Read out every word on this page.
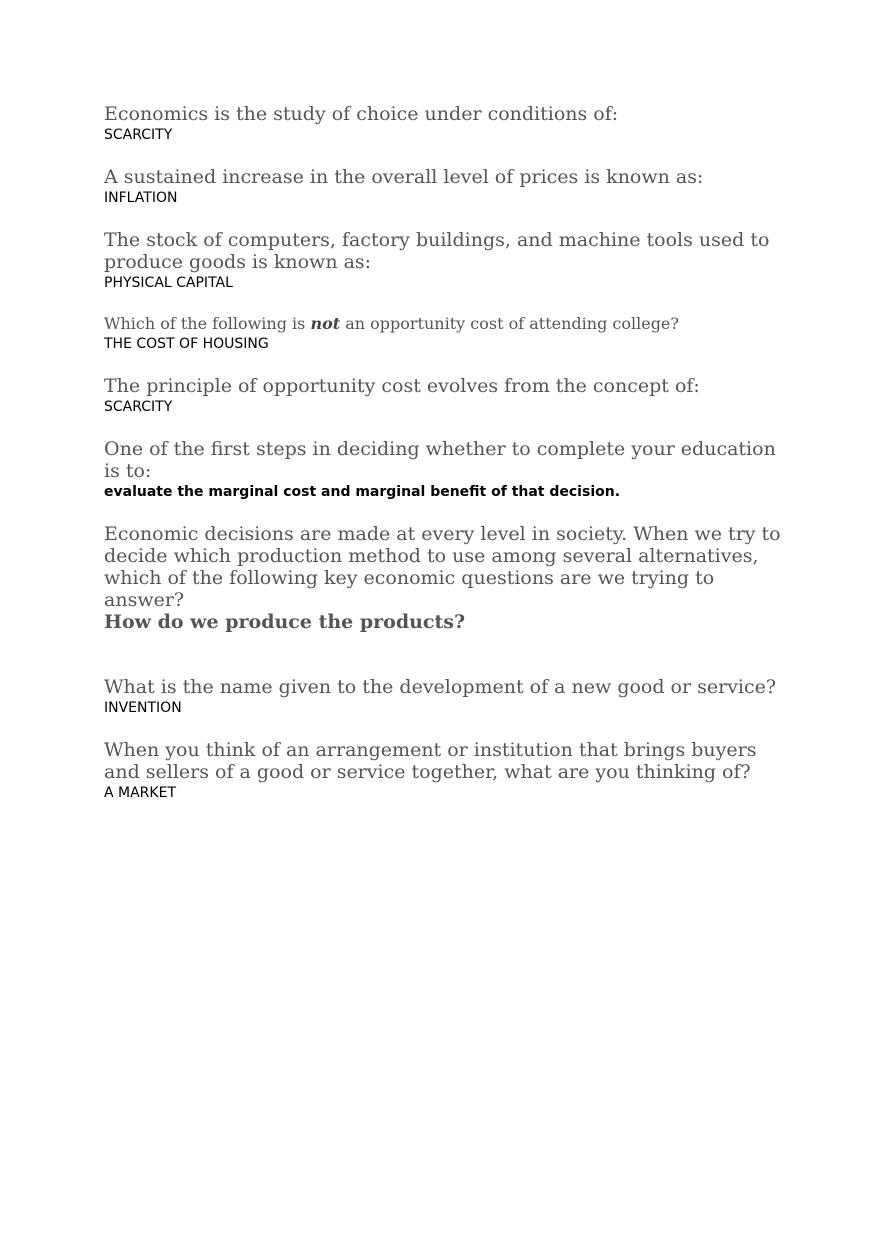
Economics is the study of choice under conditions of:

SCARCITY

A sustained increase in the overall level of prices is known as:

INFLATION

The stock of computers, factory buildings, and machine tools used to produce goods is known as:

PHYSICAL CAPITAL

Which of the following is not an opportunity cost of attending college?

THE COST OF HOUSING

The principle of opportunity cost evolves from the concept of:

SCARCITY

One of the first steps in deciding whether to complete your education is to:

evaluate the marginal cost and marginal benefit of that decision.

Economic decisions are made at every level in society. When we try to decide which production method to use among several alternatives, which of the following key economic questions are we trying to answer?

How do we produce the products?

What is the name given to the development of a new good or service?

INVENTION

When you think of an arrangement or institution that brings buyers and sellers of a good or service together, what are you thinking of?

A MARKET
